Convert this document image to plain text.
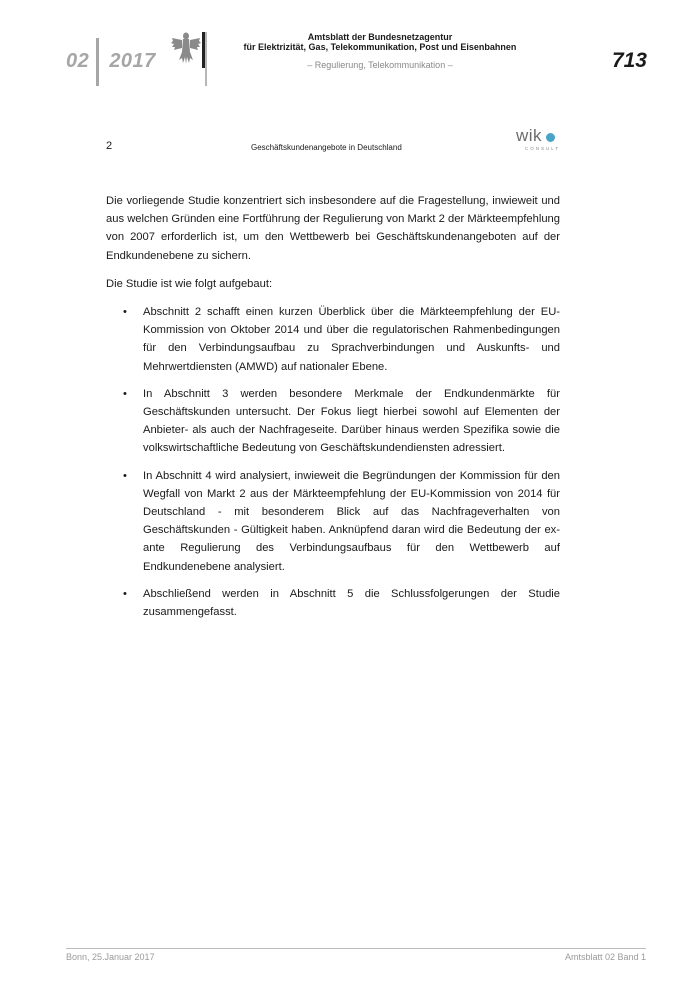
02 2017
Amtsblatt der Bundesnetzagentur
für Elektrizität, Gas, Telekommunikation, Post und Eisenbahnen
– Regulierung, Telekommunikation –	713
2	Geschäftskundenangebote in Deutschland
wik
CONSULT

Die vorliegende Studie konzentriert sich insbesondere auf die Fragestellung, inwieweit und aus welchen Gründen eine Fortführung der Regulierung von Markt 2 der Märkteempfehlung von 2007 erforderlich ist, um den Wettbewerb bei Geschäftskundenangeboten auf der Endkundenebene zu sichern.

Die Studie ist wie folgt aufgebaut:

• Abschnitt 2 schafft einen kurzen Überblick über die Märkteempfehlung der EU-Kommission von Oktober 2014 und über die regulatorischen Rahmenbedingungen für den Verbindungsaufbau zu Sprachverbindungen und Auskunfts- und Mehrwertdiensten (AMWD) auf nationaler Ebene.
• In Abschnitt 3 werden besondere Merkmale der Endkundenmärkte für Geschäftskunden untersucht. Der Fokus liegt hierbei sowohl auf Elementen der Anbieter- als auch der Nachfrageseite. Darüber hinaus werden Spezifika sowie die volkswirtschaftliche Bedeutung von Geschäftskundendiensten adressiert.
• In Abschnitt 4 wird analysiert, inwieweit die Begründungen der Kommission für den Wegfall von Markt 2 aus der Märkteempfehlung der EU-Kommission von 2014 für Deutschland - mit besonderem Blick auf das Nachfrageverhalten von Geschäftskunden - Gültigkeit haben. Anknüpfend daran wird die Bedeutung der ex-ante Regulierung des Verbindungsaufbaus für den Wettbewerb auf Endkundenebene analysiert.
• Abschließend werden in Abschnitt 5 die Schlussfolgerungen der Studie zusammengefasst.
Bonn, 25.Januar 2017	Amtsblatt 02 Band 1
